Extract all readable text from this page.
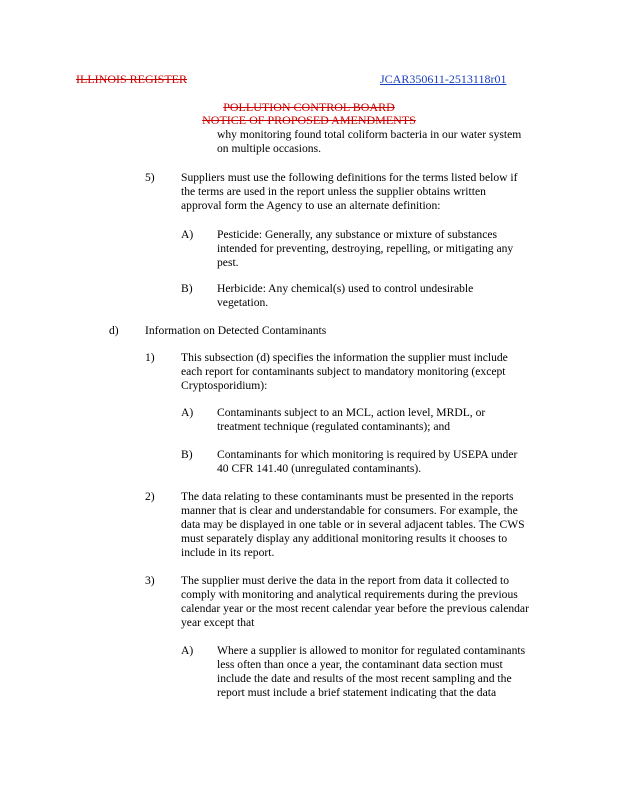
ILLINOIS REGISTER	JCAR350611-2513118r01
POLLUTION CONTROL BOARD
NOTICE OF PROPOSED AMENDMENTS
why monitoring found total coliform bacteria in our water system
on multiple occasions.
5) Suppliers must use the following definitions for the terms listed below if
the terms are used in the report unless the supplier obtains written
approval form the Agency to use an alternate definition:
A) Pesticide: Generally, any substance or mixture of substances
intended for preventing, destroying, repelling, or mitigating any
pest.
B) Herbicide: Any chemical(s) used to control undesirable
vegetation.
d) Information on Detected Contaminants
1) This subsection (d) specifies the information the supplier must include
each report for contaminants subject to mandatory monitoring (except
Cryptosporidium):
A) Contaminants subject to an MCL, action level, MRDL, or
treatment technique (regulated contaminants); and
B) Contaminants for which monitoring is required by USEPA under
40 CFR 141.40 (unregulated contaminants).
2) The data relating to these contaminants must be presented in the reports
manner that is clear and understandable for consumers. For example, the
data may be displayed in one table or in several adjacent tables. The CWS
must separately display any additional monitoring results it chooses to
include in its report.
3) The supplier must derive the data in the report from data it collected to
comply with monitoring and analytical requirements during the previous
calendar year or the most recent calendar year before the previous calendar
year except that
A) Where a supplier is allowed to monitor for regulated contaminants
less often than once a year, the contaminant data section must
include the date and results of the most recent sampling and the
report must include a brief statement indicating that the data
